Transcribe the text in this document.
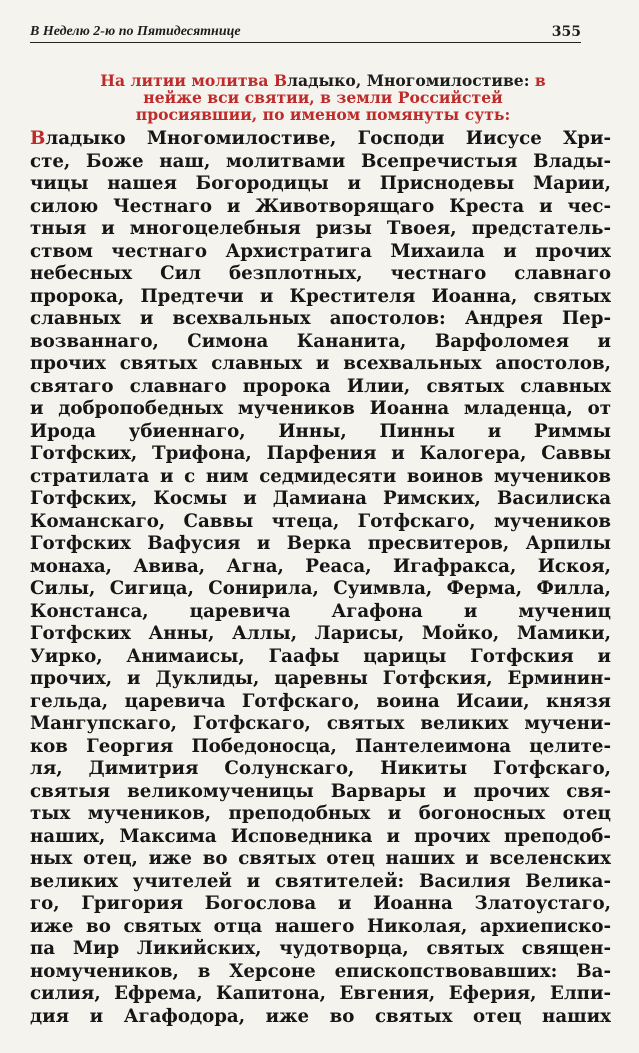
В Неделю 2-ю по Пятидесятнице	355
На литии молитва Владыко, Многомилостиве: в
нейже вси святии, в земли Российстей
просиявшии, по именом помянуты суть:
Владыко Многомилостиве, Господи Иисусе Хри-
сте, Боже наш, молитвами Всепречистыя Влады-
чицы нашея Богородицы и Приснодевы Марии,
силою Честнаго и Животворящаго Креста и чес-
тныя и многоцелебныя ризы Твоея, предстатель-
ством честнаго Архистратига Михаила и прочих
небесных Сил безплотных, честнаго славнаго
пророка, Предтечи и Крестителя Иоанна, святых
славных и всехвальных апостолов: Андрея Пер-
возваннаго, Симона Кананита, Варфоломея и
прочих святых славных и всехвальных апостолов,
святаго славнаго пророка Илии, святых славных
и добропобедных мучеников Иоанна младенца, от
Ирода убиеннаго, Инны, Пинны и Риммы
Готфских, Трифона, Парфения и Калогера, Саввы
стратилата и с ним седмидесяти воинов мучеников
Готфских, Космы и Дамиана Римских, Василиска
Команскаго, Саввы чтеца, Готфскаго, мучеников
Готфских Вафусия и Верка пресвитеров, Арпилы
монаха, Авива, Агна, Реаса, Игафракса, Искоя,
Силы, Сигица, Сонирила, Суимвла, Ферма, Филла,
Констанса, царевича Агафона и мучениц
Готфских Анны, Аллы, Ларисы, Мойко, Мамики,
Уирко, Анимаисы, Гаафы царицы Готфския и
прочих, и Дуклиды, царевны Готфския, Ерминин-
гельда, царевича Готфскаго, воина Исаии, князя
Мангупскаго, Готфскаго, святых великих мучени-
ков Георгия Победоносца, Пантелеимона целите-
ля, Димитрия Солунскаго, Никиты Готфскаго,
святыя великомученицы Варвары и прочих свя-
тых мучеников, преподобных и богоносных отец
наших, Максима Исповедника и прочих преподоб-
ных отец, иже во святых отец наших и вселенских
великих учителей и святителей: Василия Велика-
го, Григория Богослова и Иоанна Златоустаго,
иже во святых отца нашего Николая, архиеписко-
па Мир Ликийских, чудотворца, святых священ-
номучеников, в Херсоне епископствовавших: Ва-
силия, Ефрема, Капитона, Евгения, Еферия, Елпи-
дия и Агафодора, иже во святых отец наших
